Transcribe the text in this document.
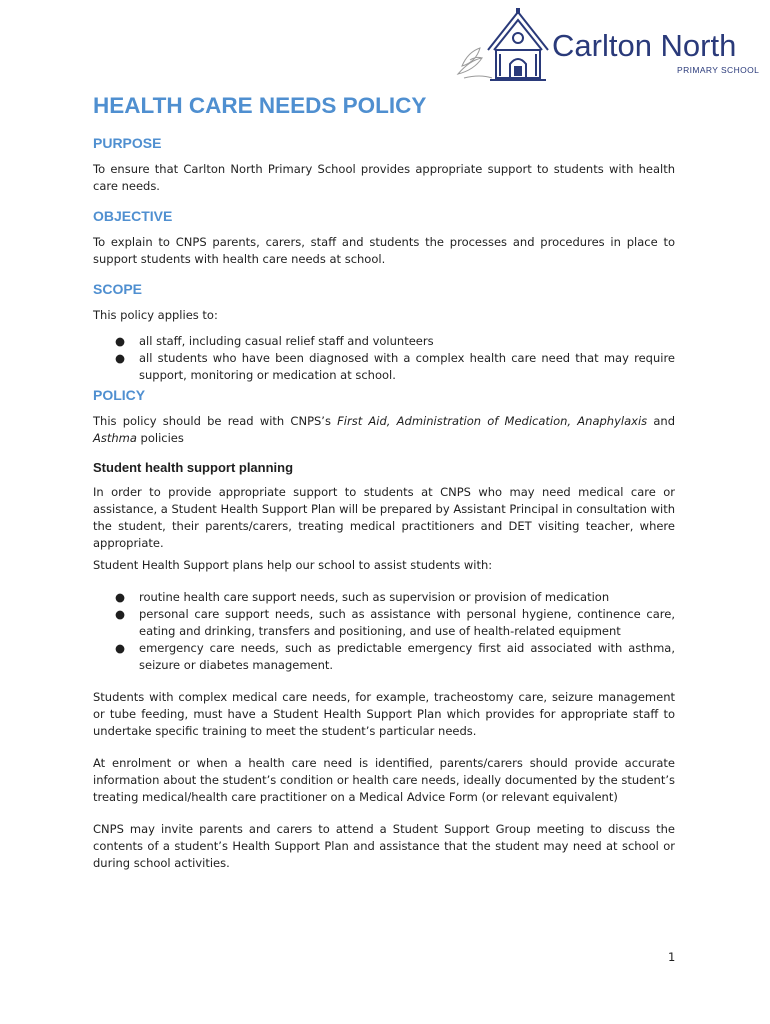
Carlton North
PRIMARY SCHOOL
HEALTH CARE NEEDS POLICY
PURPOSE

To ensure that Carlton North Primary School provides appropriate support to students with health care needs.

OBJECTIVE

To explain to CNPS parents, carers, staff and students the processes and procedures in place to support students with health care needs at school.

SCOPE

This policy applies to:

● all staff, including casual relief staff and volunteers
● all students who have been diagnosed with a complex health care need that may require support, monitoring or medication at school.
POLICY

This policy should be read with CNPS’s First Aid, Administration of Medication, Anaphylaxis and Asthma policies

Student health support planning

In order to provide appropriate support to students at CNPS who may need medical care or assistance, a Student Health Support Plan will be prepared by Assistant Principal in consultation with the student, their parents/carers, treating medical practitioners and DET visiting teacher, where appropriate.

Student Health Support plans help our school to assist students with:

● routine health care support needs, such as supervision or provision of medication
● personal care support needs, such as assistance with personal hygiene, continence care, eating and drinking, transfers and positioning, and use of health-related equipment
● emergency care needs, such as predictable emergency first aid associated with asthma, seizure or diabetes management.

Students with complex medical care needs, for example, tracheostomy care, seizure management or tube feeding, must have a Student Health Support Plan which provides for appropriate staff to undertake specific training to meet the student’s particular needs.

At enrolment or when a health care need is identified, parents/carers should provide accurate information about the student’s condition or health care needs, ideally documented by the student’s treating medical/health care practitioner on a Medical Advice Form (or relevant equivalent)

CNPS may invite parents and carers to attend a Student Support Group meeting to discuss the contents of a student’s Health Support Plan and assistance that the student may need at school or during school activities.

1
